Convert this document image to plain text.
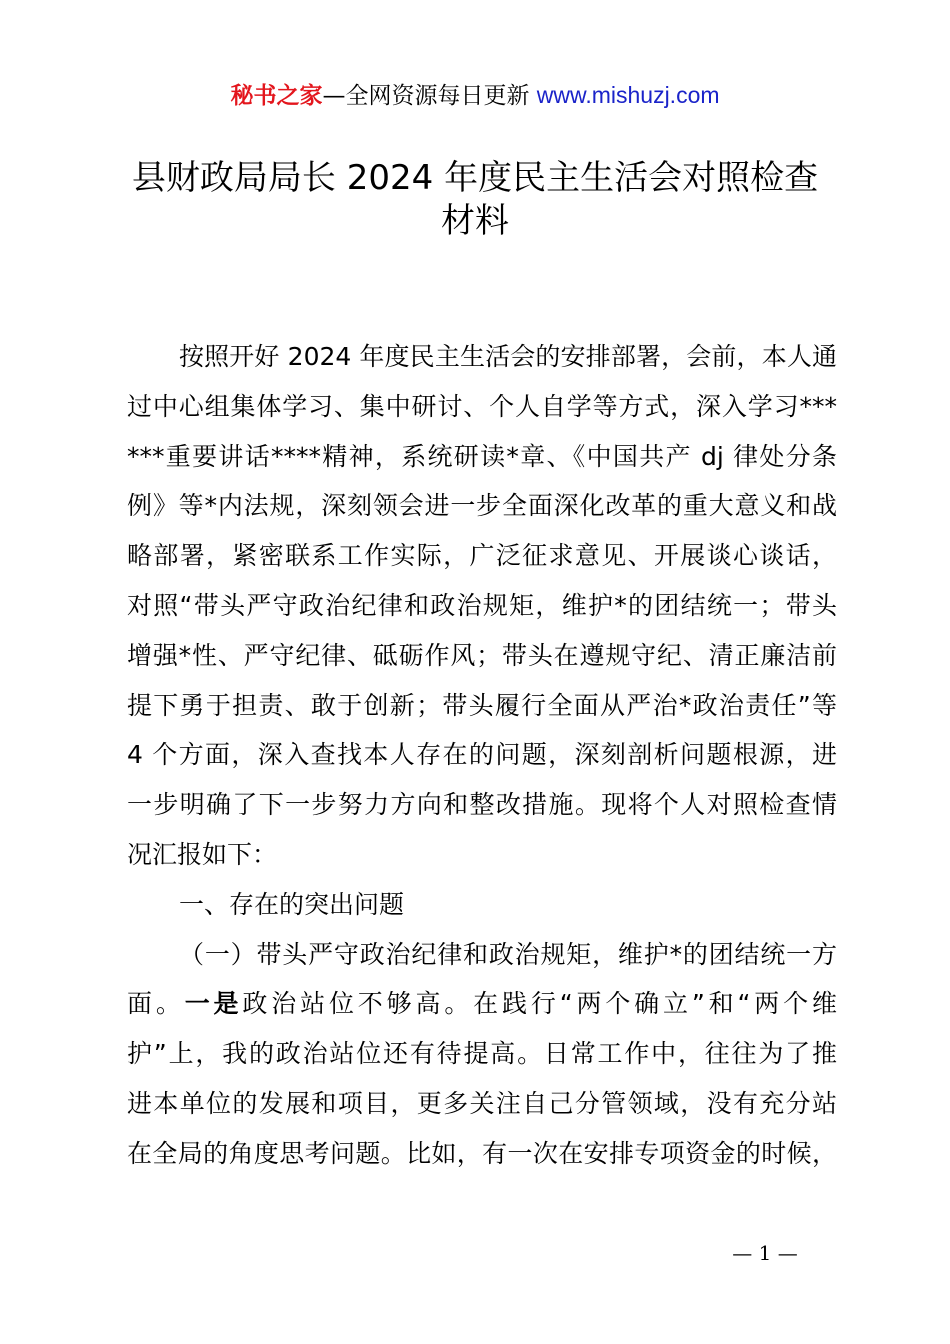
秘书之家—全网资源每日更新 www.mishuzj.com
县财政局局长 2024 年度民主生活会对照检查
材料
按照开好 2024 年度民主生活会的安排部署，会前，本人通
过中心组集体学习、集中研讨、个人自学等方式，深入学习***
***重要讲话****精神，系统研读*章、《中国共产 dj 律处分条
例》等*内法规，深刻领会进一步全面深化改革的重大意义和战
略部署，紧密联系工作实际，广泛征求意见、开展谈心谈话，
对照“带头严守政治纪律和政治规矩，维护*的团结统一；带头
增强*性、严守纪律、砥砺作风；带头在遵规守纪、清正廉洁前
提下勇于担责、敢于创新；带头履行全面从严治*政治责任”等
4 个方面，深入查找本人存在的问题，深刻剖析问题根源，进
一步明确了下一步努力方向和整改措施。现将个人对照检查情
况汇报如下：
一、存在的突出问题
（一）带头严守政治纪律和政治规矩，维护*的团结统一方
面。一是政治站位不够高。在践行“两个确立”和“两个维
护”上，我的政治站位还有待提高。日常工作中，往往为了推
进本单位的发展和项目，更多关注自己分管领域，没有充分站
在全局的角度思考问题。比如，有一次在安排专项资金的时候，
— 1 —
